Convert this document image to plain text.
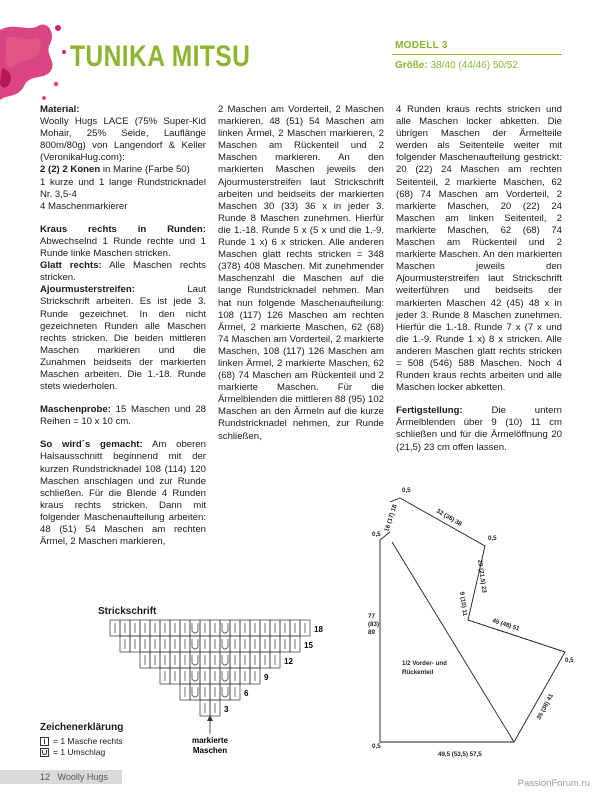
TUNIKA MITSU	MODELL 3
Größe: 38/40 (44/46) 50/52

Material:
Woolly Hugs LACE (75% Super-Kid Mohair, 25% Seide, Lauflänge 800m/80g) von Langendorf & Keller (VeronikaHug.com):
2 (2) 2 Konen in Marine (Farbe 50)
1 kurze und 1 lange Rundstricknadel Nr. 3,5-4
4 Maschenmarkierer

Kraus rechts in Runden: Abwechselnd 1 Runde rechte und 1 Runde linke Maschen stricken.
Glatt rechts: Alle Maschen rechts stricken.
Ajourmusterstreifen: Laut Strickschrift arbeiten. Es ist jede 3. Runde gezeichnet. In den nicht gezeichneten Runden alle Maschen rechts stricken. Die beiden mittleren Maschen markieren und die Zunahmen beidseits der markierten Maschen arbeiten. Die 1.-18. Runde stets wiederholen.

Maschenprobe: 15 Maschen und 28 Reihen = 10 x 10 cm.

So wird´s gemacht: Am oberen Halsausschnitt beginnend mit der kurzen Rundstricknadel 108 (114) 120 Maschen anschlagen und zur Runde schließen. Für die Blende 4 Runden kraus rechts stricken. Dann mit folgender Maschenaufteilung arbeiten: 48 (51) 54 Maschen am rechten Ärmel, 2 Maschen markieren,

2 Maschen am Vorderteil, 2 Maschen markieren, 48 (51) 54 Maschen am linken Ärmel, 2 Maschen markieren, 2 Maschen am Rückenteil und 2 Maschen markieren. An den markierten Maschen jeweils den Ajourmusterstreifen laut Strickschrift arbeiten und beidseits der markierten Maschen 30 (33) 36 x in jeder 3. Runde 8 Maschen zunehmen. Hierfür die 1.-18. Runde 5 x (5 x und die 1.-9. Runde 1 x) 6 x stricken. Alle anderen Maschen glatt rechts stricken = 348 (378) 408 Maschen. Mit zunehmender Maschenzahl die Maschen auf die lange Rundstricknadel nehmen. Man hat nun folgende Maschenaufteilung: 108 (117) 126 Maschen am rechten Ärmel, 2 markierte Maschen, 62 (68) 74 Maschen am Vorderteil, 2 markierte Maschen, 108 (117) 126 Maschen am linken Ärmel, 2 markierte Maschen, 62 (68) 74 Maschen am Rückenteil und 2 markierte Maschen. Für die Ärmelblenden die mittleren 88 (95) 102 Maschen an den Ärmeln auf die kurze Rundstricknadel nehmen, zur Runde schließen,

4 Runden kraus rechts stricken und alle Maschen locker abketten. Die übrigen Maschen der Ärmelteile werden als Seitenteile weiter mit folgender Maschenaufteilung gestrickt: 20 (22) 24 Maschen am rechten Seitenteil, 2 markierte Maschen, 62 (68) 74 Maschen am Vorderteil, 2 markierte Maschen, 20 (22) 24 Maschen am linken Seitenteil, 2 markierte Maschen, 62 (68) 74 Maschen am Rückenteil und 2 markierte Maschen. An den markierten Maschen jeweils den Ajourmusterstreifen laut Strickschrift weiterführen und beidseits der markierten Maschen 42 (45) 48 x in jeder 3. Runde 8 Maschen zunehmen. Hierfür die 1.-18. Runde 7 x (7 x und die 1.-9. Runde 1 x) 8 x stricken. Alle anderen Maschen glatt rechts stricken = 508 (546) 588 Maschen. Noch 4 Runden kraus rechts arbeiten und alle Maschen locker abketten.

Fertigstellung: Die untern Ärmelblenden über 9 (10) 11 cm schließen und für die Ärmelöffnung 20 (21,5) 23 cm offen lassen.

Strickschrift
18
15
12
9
6
3
markierte
Maschen
Zeichenerklärung
= 1 Masche rechts
= 1 Umschlag
0,5
0,5
16 (17) 18	32 (35) 38
0,5
20 (21,5) 23
9 (10) 11
45 (48) 51
0,5
77
(83)
89
0,5
35 (38) 41
49,5 (53,5) 57,5
1/2 Vorder- und
Rückenteil
12 Woolly Hugs
PassionForum.ru
